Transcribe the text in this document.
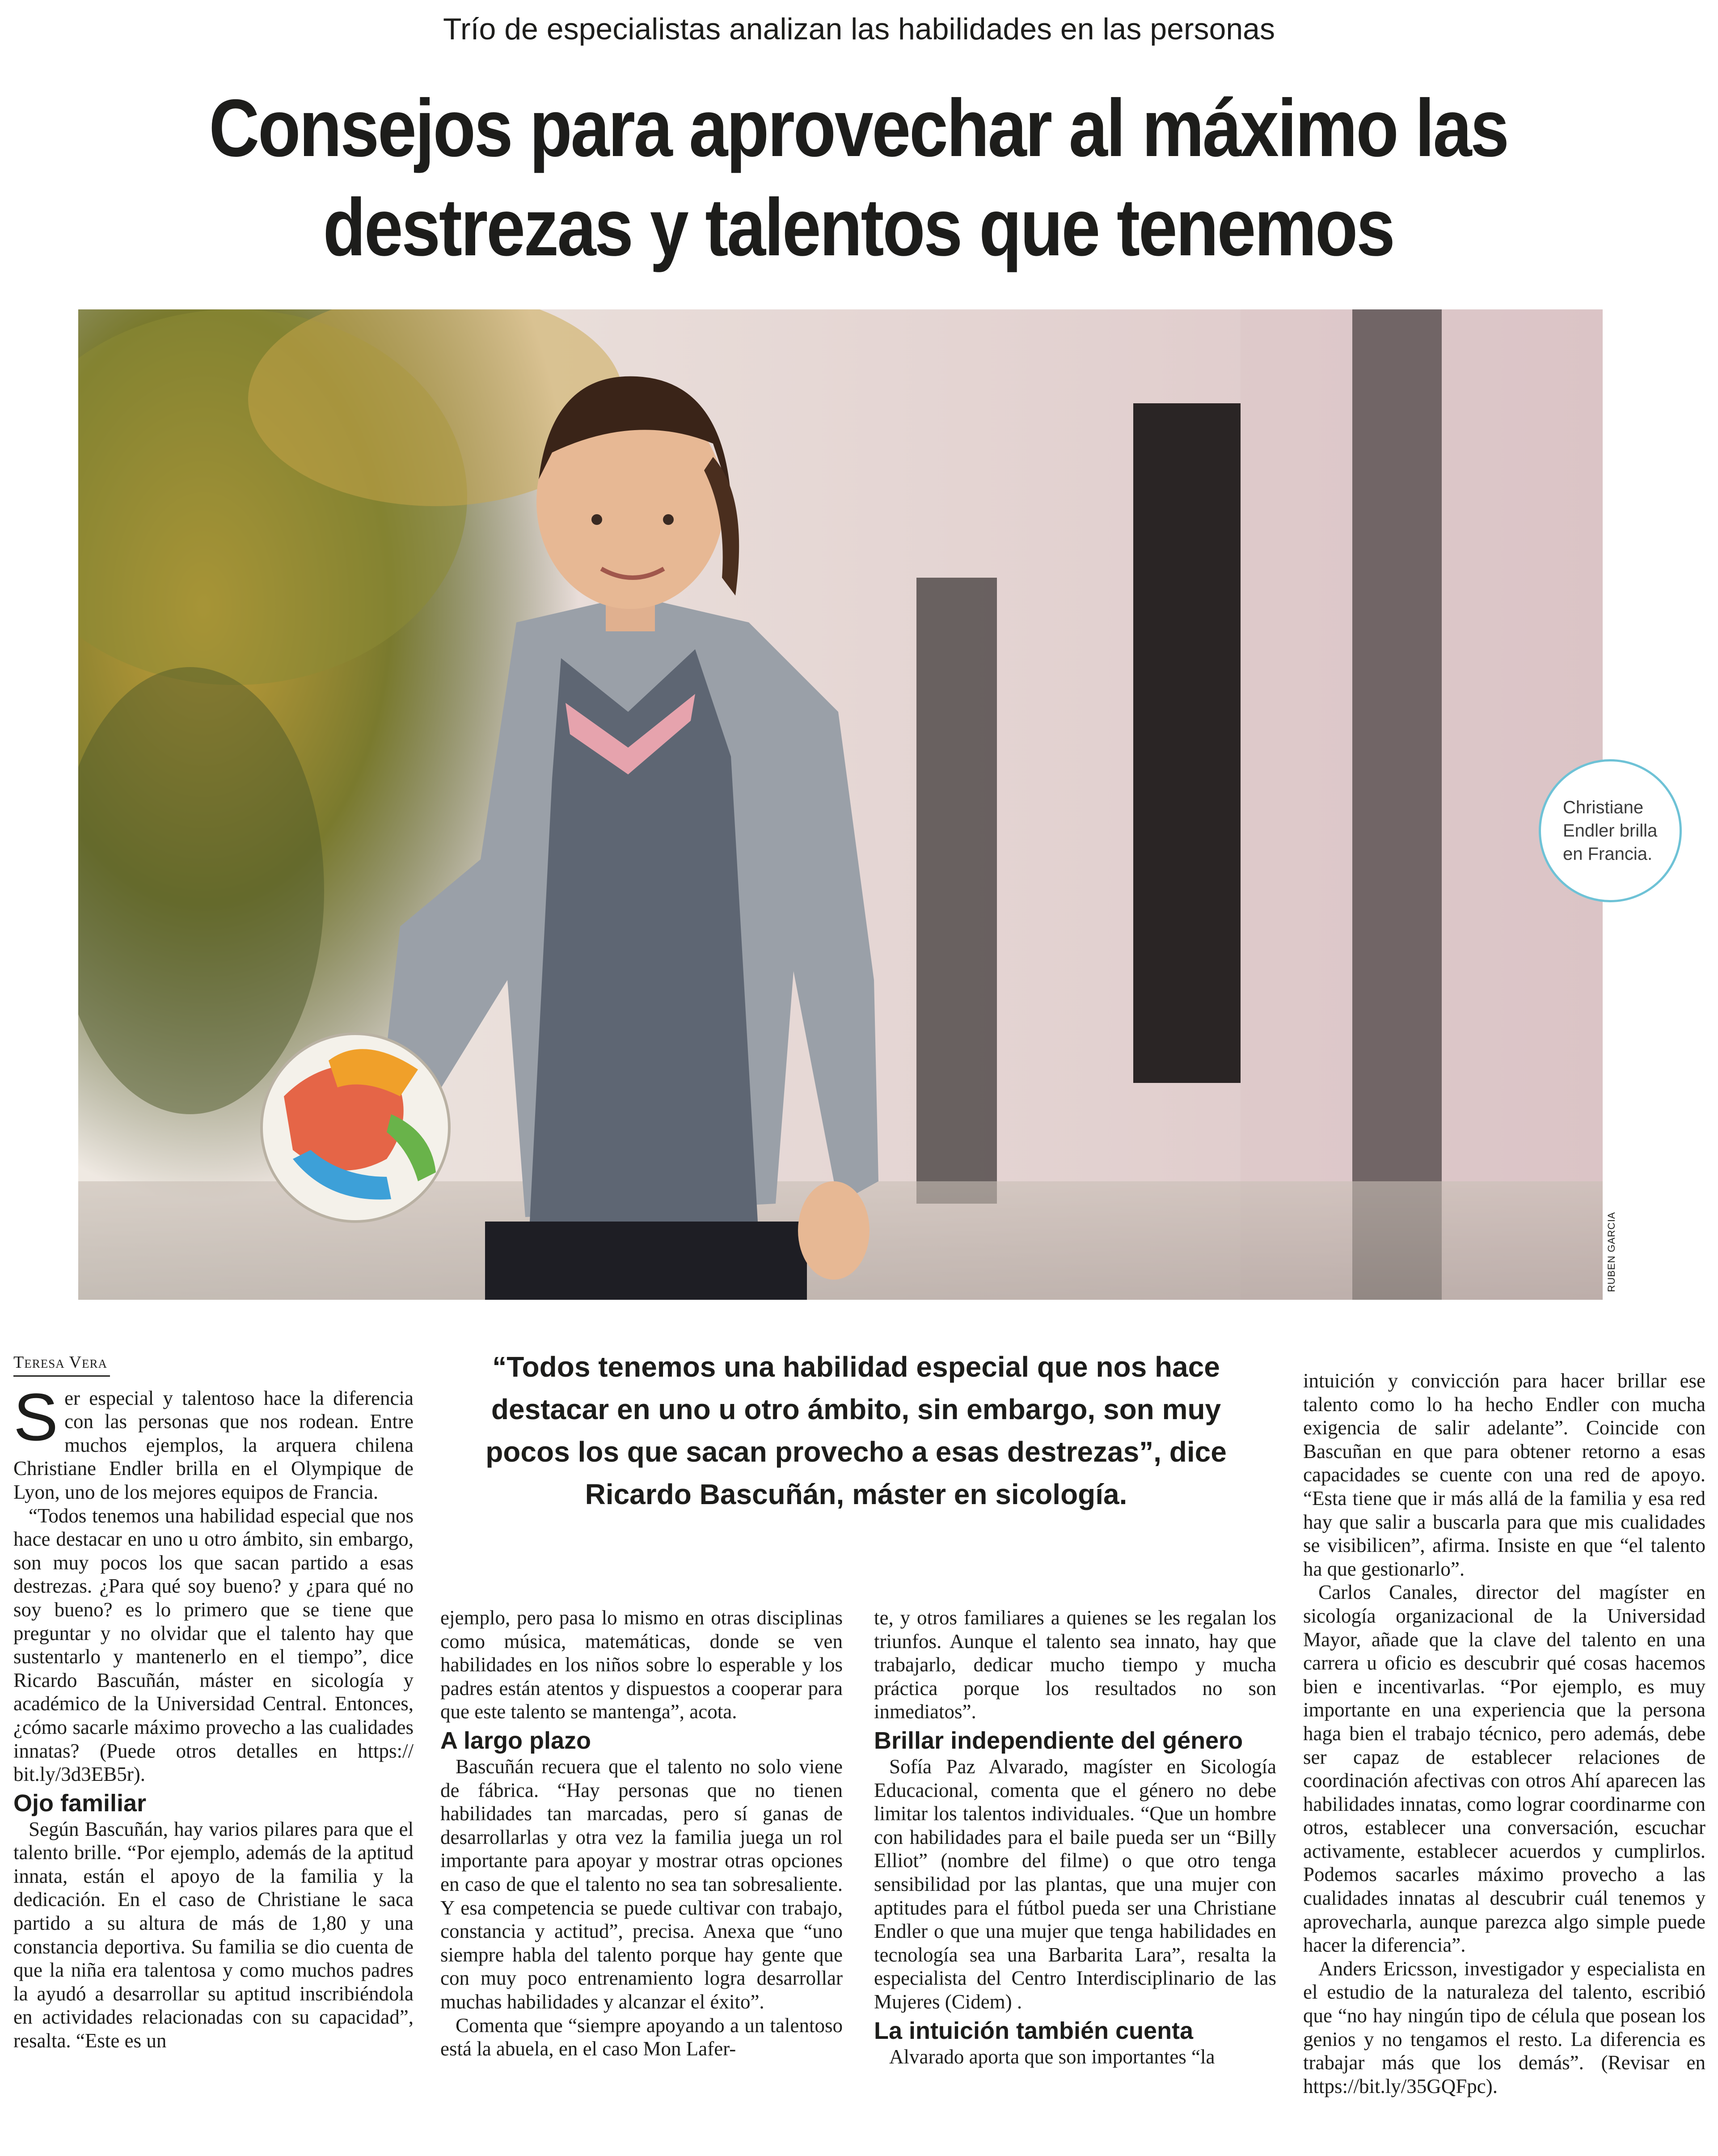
Trío de especialistas analizan las habilidades en las personas
Consejos para aprovechar al máximo las
destrezas y talentos que tenemos
RUBEN GARCIA
Christiane Endler brilla en Francia.
“Todos tenemos una habilidad especial que nos hace destacar en uno u otro ámbito, sin embargo, son muy pocos los que sacan provecho a esas destrezas”, dice Ricardo Bascuñán, máster en sicología.
Teresa Vera

Ser especial y talentoso hace la diferencia con las personas que nos rodean. Entre muchos ejemplos, la arquera chilena Christiane Endler brilla en el Olympique de Lyon, uno de los mejores equipos de Francia.

“Todos tenemos una habilidad especial que nos hace destacar en uno u otro ámbito, sin embargo, son muy pocos los que sacan partido a esas destrezas. ¿Para qué soy bueno? y ¿para qué no soy bueno? es lo primero que se tiene que preguntar y no olvidar que el talento hay que sustentarlo y mantenerlo en el tiempo”, dice Ricardo Bascuñán, máster en sicología y académico de la Universidad Central. Entonces, ¿cómo sacarle máximo provecho a las cualidades innatas? (Puede otros detalles en https:// bit.ly/3d3EB5r).

Ojo familiar

Según Bascuñán, hay varios pilares para que el talento brille. “Por ejemplo, además de la aptitud innata, están el apoyo de la familia y la dedicación. En el caso de Christiane le saca partido a su altura de más de 1,80 y una constancia deportiva. Su familia se dio cuenta de que la niña era talentosa y como muchos padres la ayudó a desarrollar su aptitud inscribiéndola en actividades relacionadas con su capacidad”, resalta. “Este es un

ejemplo, pero pasa lo mismo en otras disciplinas como música, matemáticas, donde se ven habilidades en los niños sobre lo esperable y los padres están atentos y dispuestos a cooperar para que este talento se mantenga”, acota.

A largo plazo

Bascuñán recuera que el talento no solo viene de fábrica. “Hay personas que no tienen habilidades tan marcadas, pero sí ganas de desarrollarlas y otra vez la familia juega un rol importante para apoyar y mostrar otras opciones en caso de que el talento no sea tan sobresaliente. Y esa competencia se puede cultivar con trabajo, constancia y actitud”, precisa. Anexa que “uno siempre habla del talento porque hay gente que con muy poco entrenamiento logra desarrollar muchas habilidades y alcanzar el éxito”.

Comenta que “siempre apoyando a un talentoso está la abuela, en el caso Mon Lafer-

te, y otros familiares a quienes se les regalan los triunfos. Aunque el talento sea innato, hay que trabajarlo, dedicar mucho tiempo y mucha práctica porque los resultados no son inmediatos”.

Brillar independiente del género

Sofía Paz Alvarado, magíster en Sicología Educacional, comenta que el género no debe limitar los talentos individuales. “Que un hombre con habilidades para el baile pueda ser un “Billy Elliot” (nombre del filme) o que otro tenga sensibilidad por las plantas, que una mujer con aptitudes para el fútbol pueda ser una Christiane Endler o que una mujer que tenga habilidades en tecnología sea una Barbarita Lara”, resalta la especialista del Centro Interdisciplinario de las Mujeres (Cidem) .

La intuición también cuenta

Alvarado aporta que son importantes “la

intuición y convicción para hacer brillar ese talento como lo ha hecho Endler con mucha exigencia de salir adelante”. Coincide con Bascuñan en que para obtener retorno a esas capacidades se cuente con una red de apoyo. “Esta tiene que ir más allá de la familia y esa red hay que salir a buscarla para que mis cualidades se visibilicen”, afirma. Insiste en que “el talento ha que gestionarlo”.

Carlos Canales, director del magíster en sicología organizacional de la Universidad Mayor, añade que la clave del talento en una carrera u oficio es descubrir qué cosas hacemos bien e incentivarlas. “Por ejemplo, es muy importante en una experiencia que la persona haga bien el trabajo técnico, pero además, debe ser capaz de establecer relaciones de coordinación afectivas con otros Ahí aparecen las habilidades innatas, como lograr coordinarme con otros, establecer una conversación, escuchar activamente, establecer acuerdos y cumplirlos. Podemos sacarles máximo provecho a las cualidades innatas al descubrir cuál tenemos y aprovecharla, aunque parezca algo simple puede hacer la diferencia”.

Anders Ericsson, investigador y especialista en el estudio de la naturaleza del talento, escribió que “no hay ningún tipo de célula que posean los genios y no tengamos el resto. La diferencia es trabajar más que los demás”. (Revisar en https://bit.ly/35GQFpc).
